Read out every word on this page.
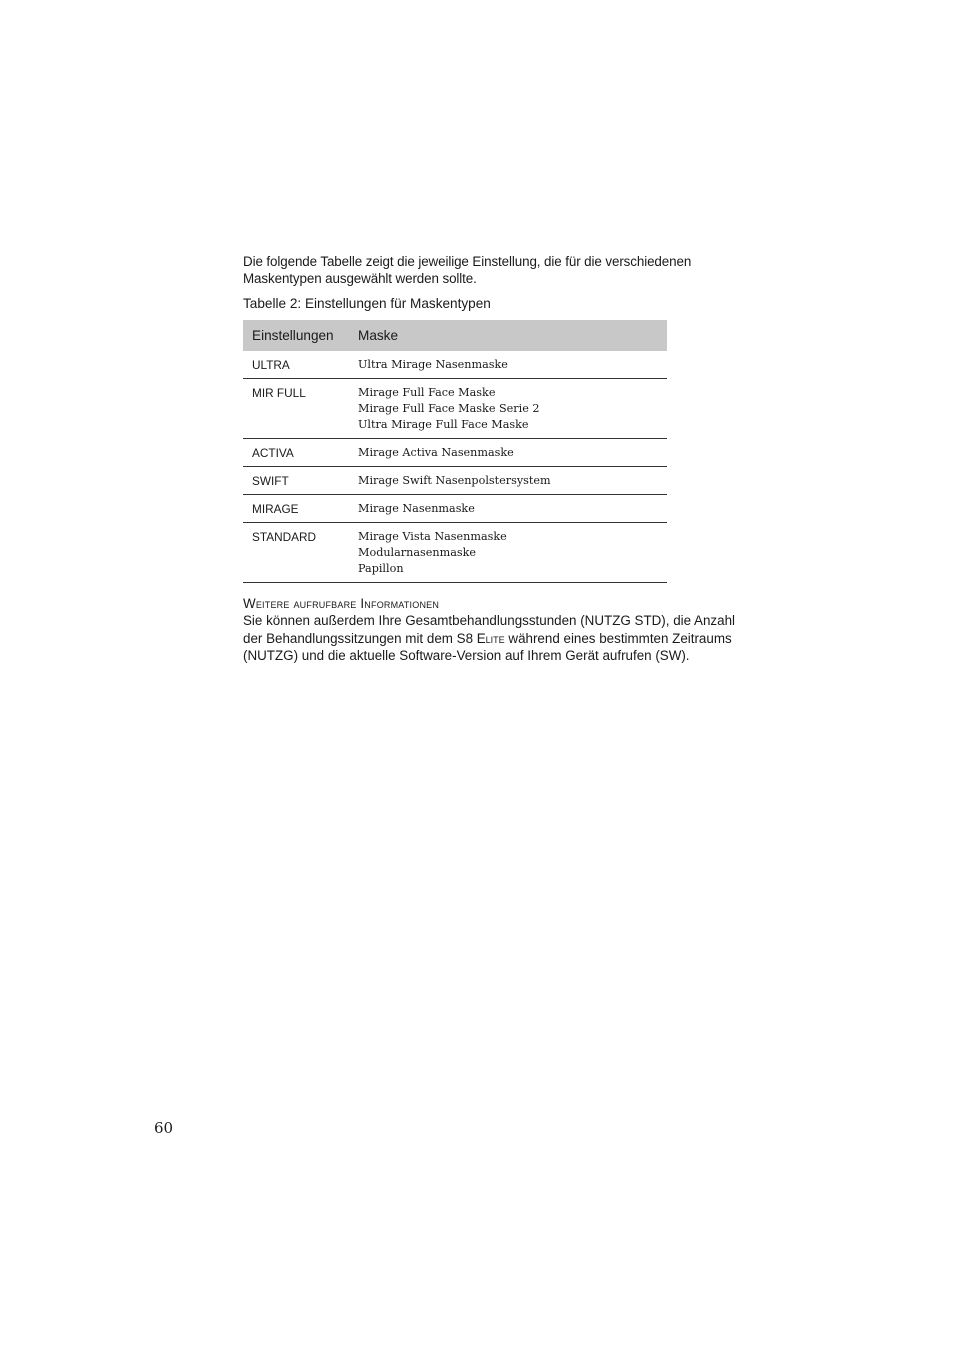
Die folgende Tabelle zeigt die jeweilige Einstellung, die für die verschiedenen
Maskentypen ausgewählt werden sollte.

Tabelle 2: Einstellungen für Maskentypen
Einstellungen	Maske
ULTRA	Ultra Mirage Nasenmaske

MIR FULL	Mirage Full Face Maske
Mirage Full Face Maske Serie 2
Ultra Mirage Full Face Maske

ACTIVA	Mirage Activa Nasenmaske

SWIFT	Mirage Swift Nasenpolstersystem

MIRAGE	Mirage Nasenmaske

STANDARD	Mirage Vista Nasenmaske
Modularnasenmaske
Papillon
Weitere aufrufbare Informationen

Sie können außerdem Ihre Gesamtbehandlungsstunden (NUTZG STD), die Anzahl
der Behandlungssitzungen mit dem S8 Elite während eines bestimmten Zeitraums
(NUTZG) und die aktuelle Software-Version auf Ihrem Gerät aufrufen (SW).

60
